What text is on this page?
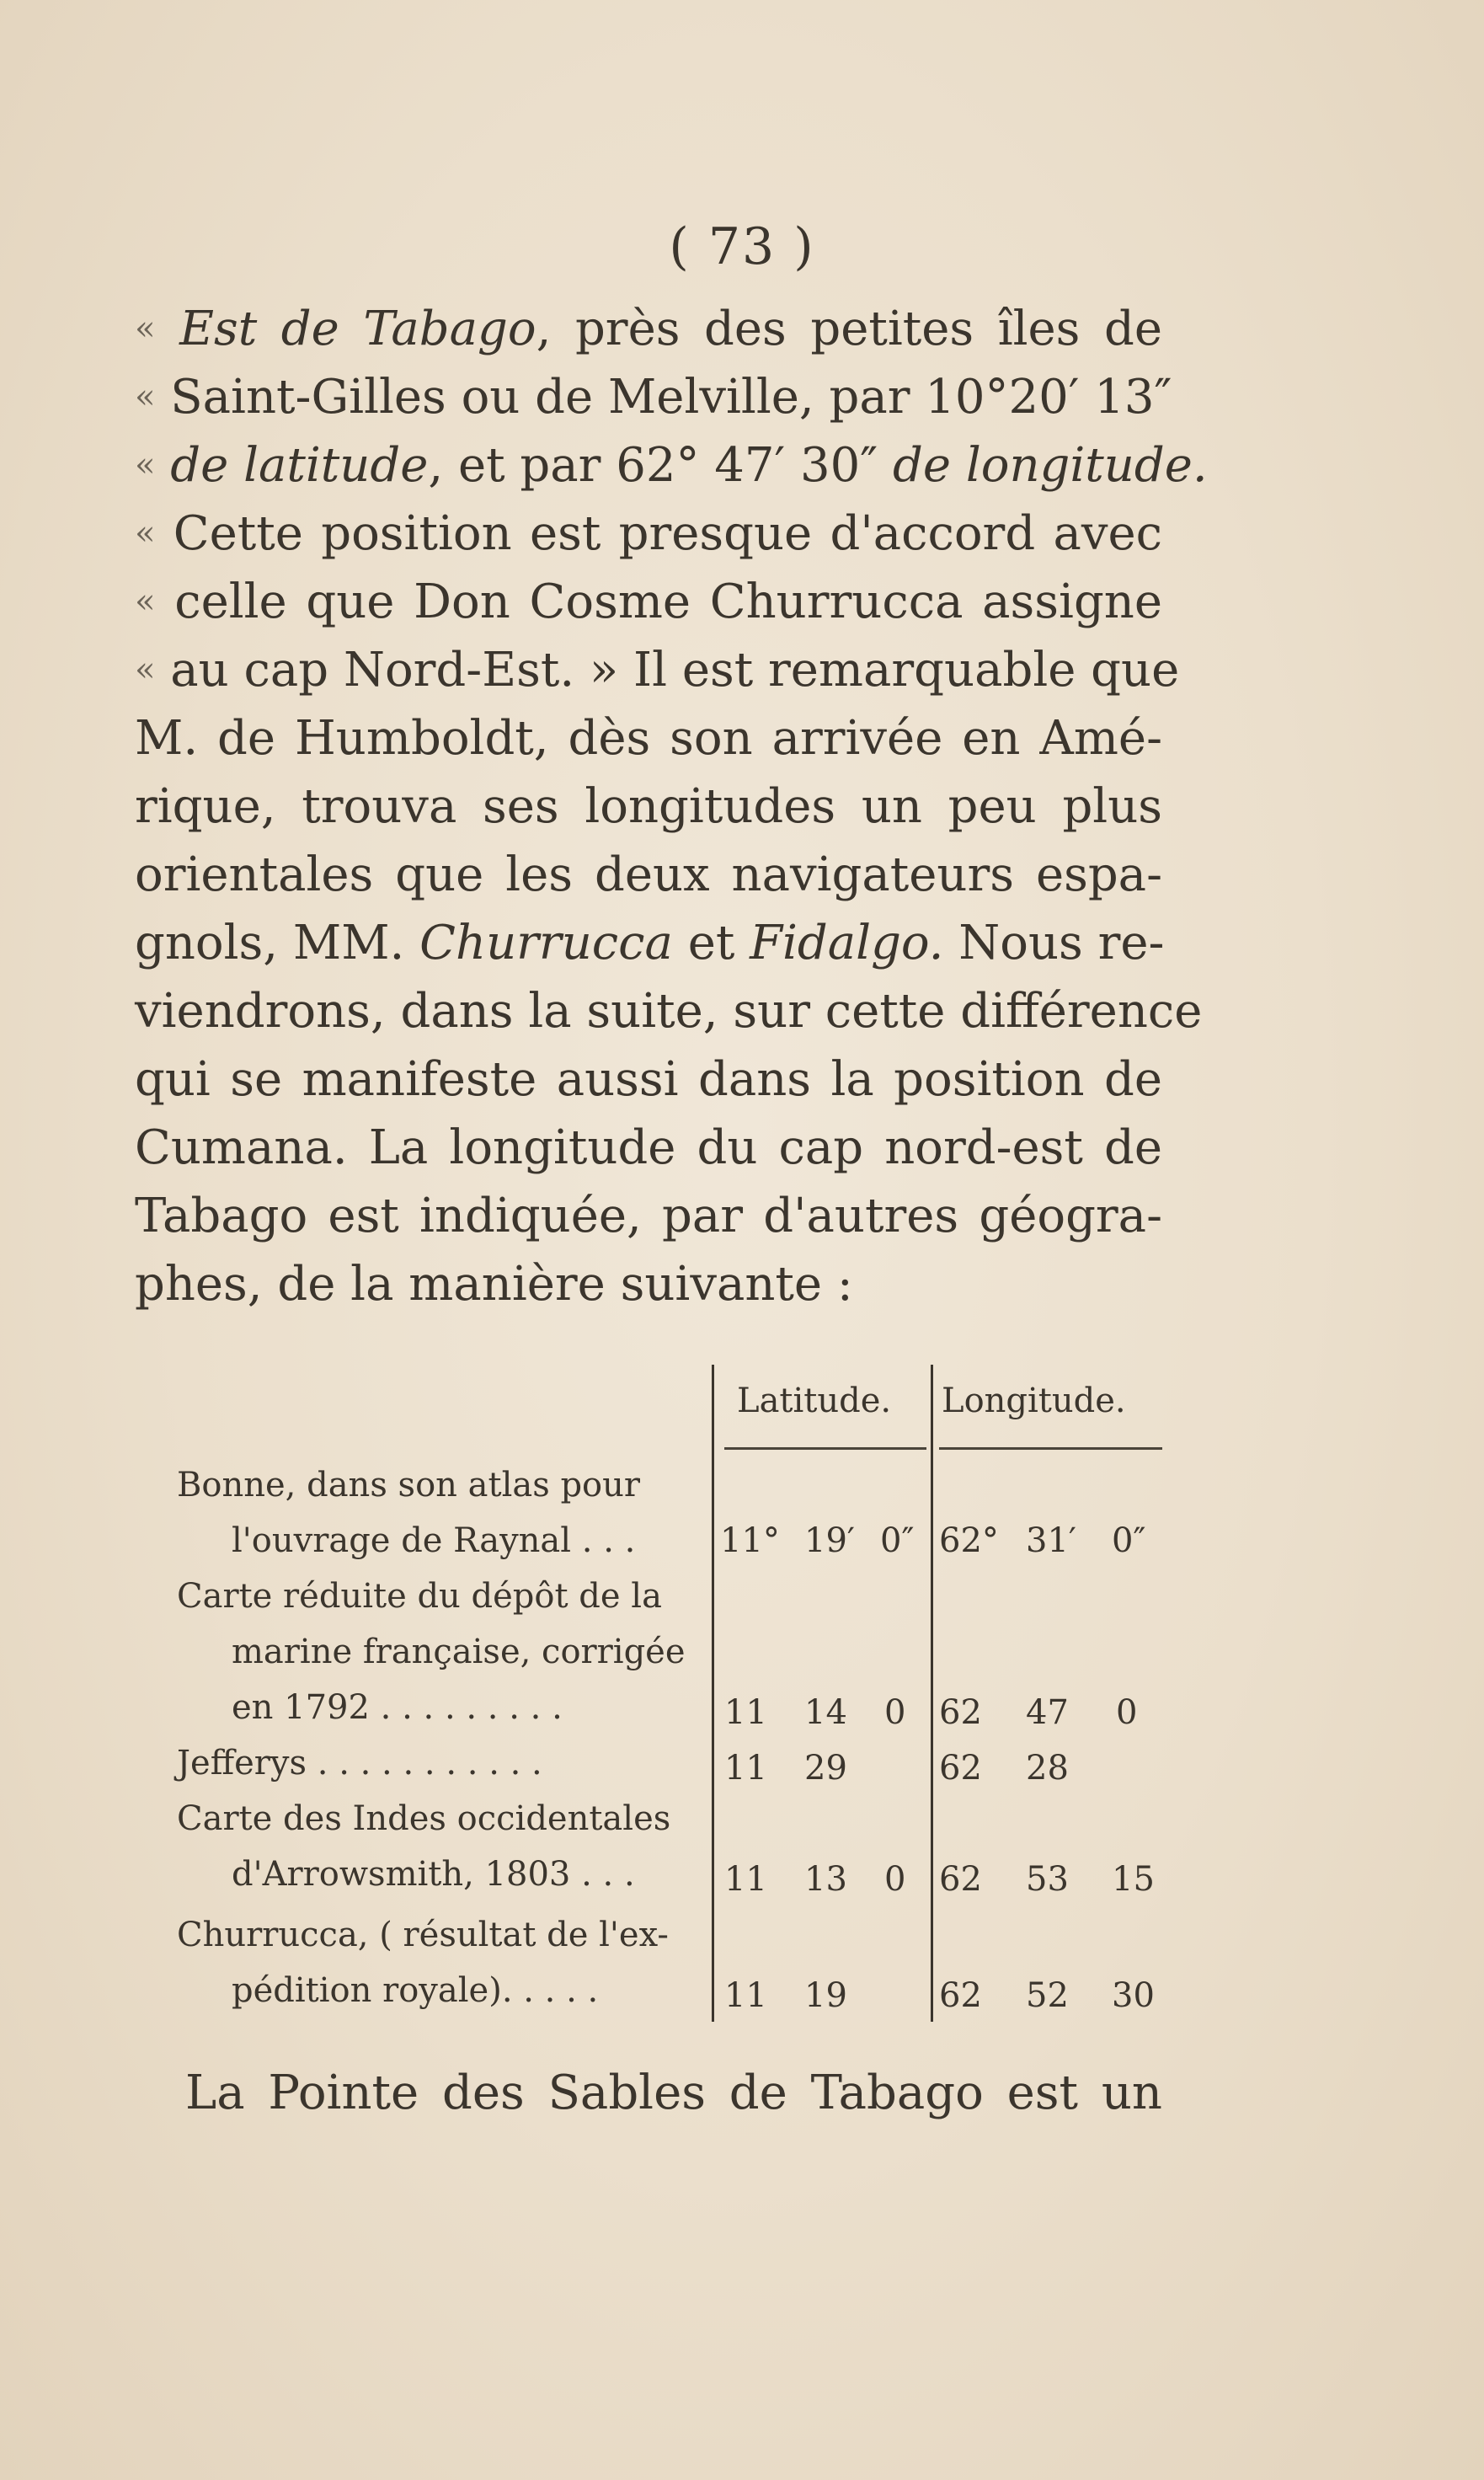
( 73 )
« Est de Tabago, près des petites îles de
« Saint-Gilles ou de Melville, par 10°20′ 13″
« de latitude, et par 62° 47′ 30″ de longitude.
« Cette position est presque d'accord avec
« celle que Don Cosme Churrucca assigne
« au cap Nord-Est. » Il est remarquable que
M. de Humboldt, dès son arrivée en Amé-
rique, trouva ses longitudes un peu plus
orientales que les deux navigateurs espa-
gnols, MM. Churrucca et Fidalgo. Nous re-
viendrons, dans la suite, sur cette différence
qui se manifeste aussi dans la position de
Cumana. La longitude du cap nord-est de
Tabago est indiquée, par d'autres géogra-
phes, de la manière suivante :
Latitude. Longitude.
Bonne, dans son atlas pour
l'ouvrage de Raynal . . .	11° 19′ 0″ 62° 31′ 0″
Carte réduite du dépôt de la
marine française, corrigée
en 1792 . . . . . . . . .	11 14 0 62 47 0
Jefferys . . . . . . . . . . .	11 29	62 28
Carte des Indes occidentales
d'Arrowsmith, 1803 . . .	11 13 0 62 53 15
Churrucca, ( résultat de l'ex-
pédition royale). . . . .	11 19	62 52 30
La Pointe des Sables de Tabago est un
